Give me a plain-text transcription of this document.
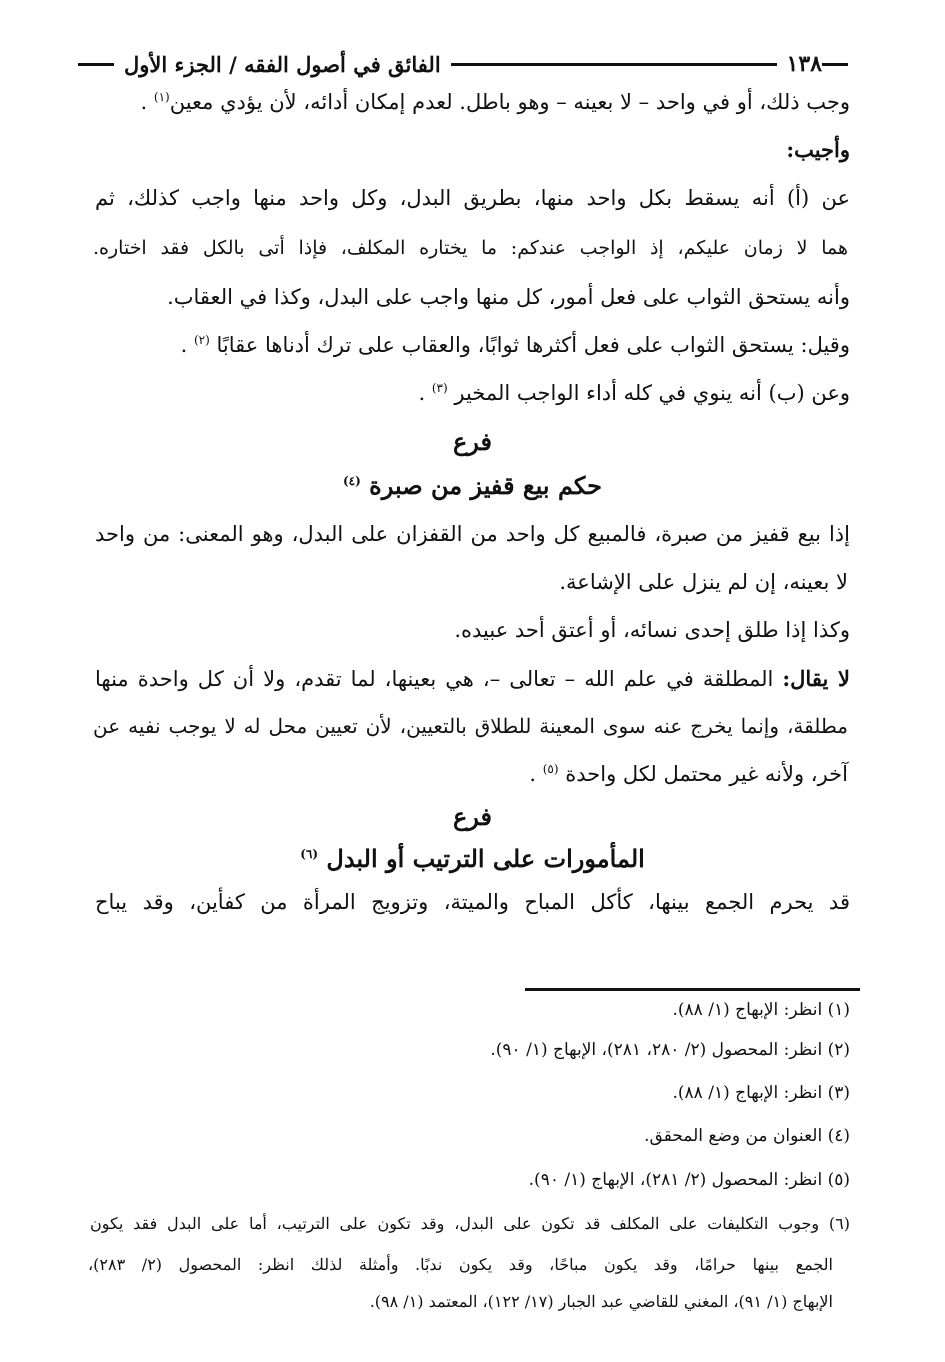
١٣٨
الفائق في أصول الفقه / الجزء الأول
وجب ذلك، أو في واحد – لا بعينه – وهو باطل. لعدم إمكان أدائه، لأن يؤدي معين$^{(١)}$ .
وأجيب:
عن (أ) أنه يسقط بكل واحد منها، بطريق البدل، وكل واحد منها واجب كذلك، ثم
هما لا زمان عليكم، إذ الواجب عندكم: ما يختاره المكلف، فإذا أتى بالكل فقد اختاره.
وأنه يستحق الثواب على فعل أمور، كل منها واجب على البدل، وكذا في العقاب.
وقيل: يستحق الثواب على فعل أكثرها ثوابًا، والعقاب على ترك أدناها عقابًا $^{(٢)}$ .
وعن (ب) أنه ينوي في كله أداء الواجب المخير $^{(٣)}$ .
فرع
حكم بيع قفيز من صبرة $^{(٤)}$
إذا بيع قفيز من صبرة، فالمبيع كل واحد من القفزان على البدل، وهو المعنى: من واحد
لا بعينه، إن لم ينزل على الإشاعة.
وكذا إذا طلق إحدى نسائه، أو أعتق أحد عبيده.
لا يقال: المطلقة في علم الله – تعالى –، هي بعينها، لما تقدم، ولا أن كل واحدة منها
مطلقة، وإنما يخرج عنه سوى المعينة للطلاق بالتعيين، لأن تعيين محل له لا يوجب نفيه عن
آخر، ولأنه غير محتمل لكل واحدة $^{(٥)}$ .
فرع
المأمورات على الترتيب أو البدل $^{(٦)}$
قد يحرم الجمع بينها، كأكل المباح والميتة، وتزويج المرأة من كفأين، وقد يباح
(١) انظر: الإبهاج (١/ ٨٨).
(٢) انظر: المحصول (٢/ ٢٨٠، ٢٨١)، الإبهاج (١/ ٩٠).
(٣) انظر: الإبهاج (١/ ٨٨).
(٤) العنوان من وضع المحقق.
(٥) انظر: المحصول (٢/ ٢٨١)، الإبهاج (١/ ٩٠).
(٦) وجوب التكليفات على المكلف قد تكون على البدل، وقد تكون على الترتيب، أما على البدل فقد يكون
الجمع بينها حرامًا، وقد يكون مباحًا، وقد يكون ندبًا. وأمثلة لذلك انظر: المحصول (٢/ ٢٨٣)،
الإبهاج (١/ ٩١)، المغني للقاضي عبد الجبار (١٧/ ١٢٢)، المعتمد (١/ ٩٨).
